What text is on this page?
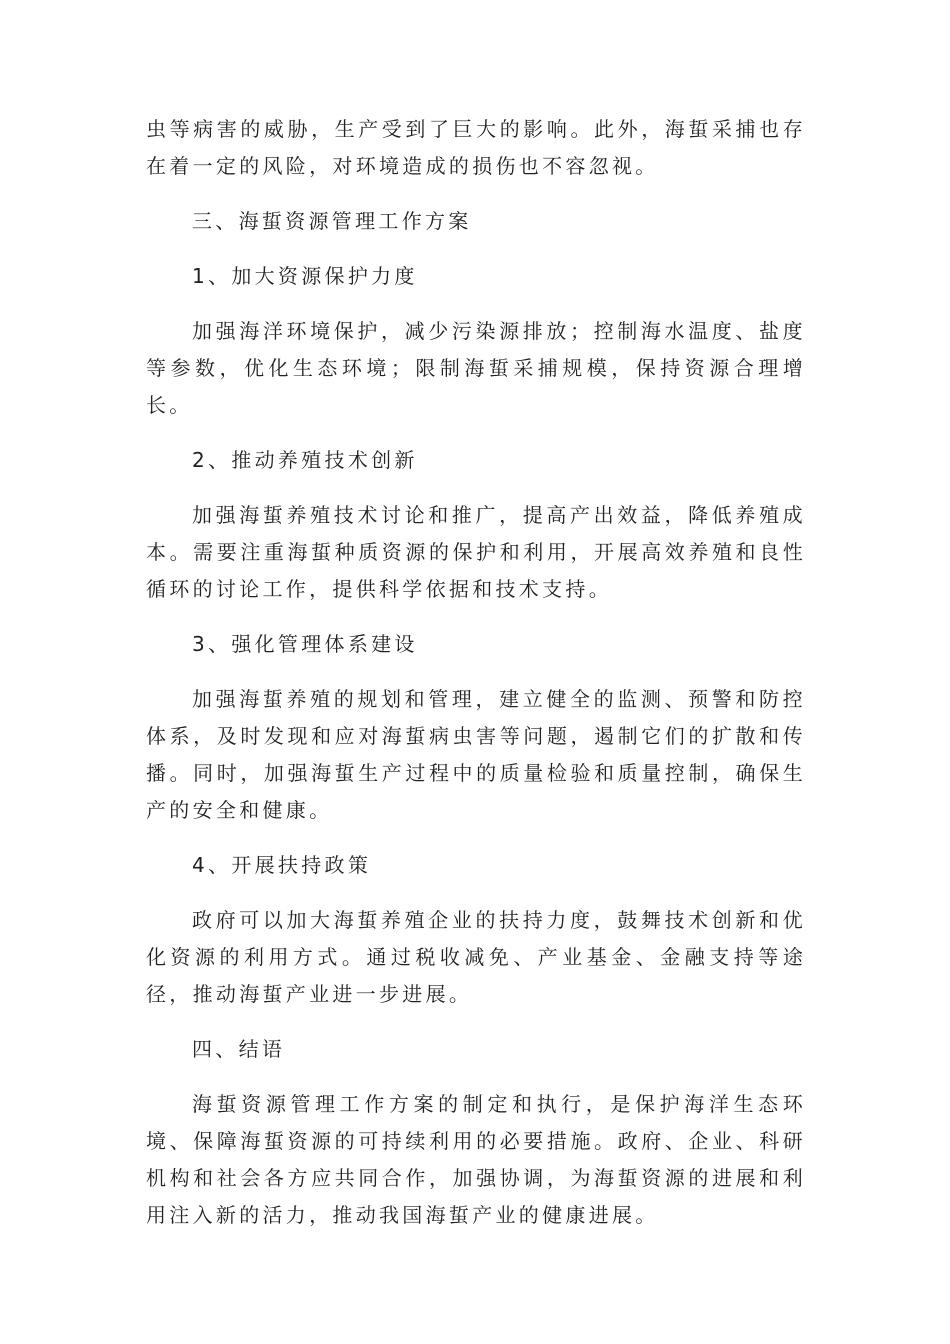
虫等病害的威胁，生产受到了巨大的影响。此外，海蜇采捕也存在着一定的风险，对环境造成的损伤也不容忽视。

三、海蜇资源管理工作方案

1、加大资源保护力度

加强海洋环境保护，减少污染源排放；控制海水温度、盐度等参数，优化生态环境；限制海蜇采捕规模，保持资源合理增长。

2、推动养殖技术创新

加强海蜇养殖技术讨论和推广，提高产出效益，降低养殖成本。需要注重海蜇种质资源的保护和利用，开展高效养殖和良性循环的讨论工作，提供科学依据和技术支持。

3、强化管理体系建设

加强海蜇养殖的规划和管理，建立健全的监测、预警和防控体系，及时发现和应对海蜇病虫害等问题，遏制它们的扩散和传播。同时，加强海蜇生产过程中的质量检验和质量控制，确保生产的安全和健康。

4、开展扶持政策

政府可以加大海蜇养殖企业的扶持力度，鼓舞技术创新和优化资源的利用方式。通过税收减免、产业基金、金融支持等途径，推动海蜇产业进一步进展。

四、结语

海蜇资源管理工作方案的制定和执行，是保护海洋生态环境、保障海蜇资源的可持续利用的必要措施。政府、企业、科研机构和社会各方应共同合作，加强协调，为海蜇资源的进展和利用注入新的活力，推动我国海蜇产业的健康进展。
